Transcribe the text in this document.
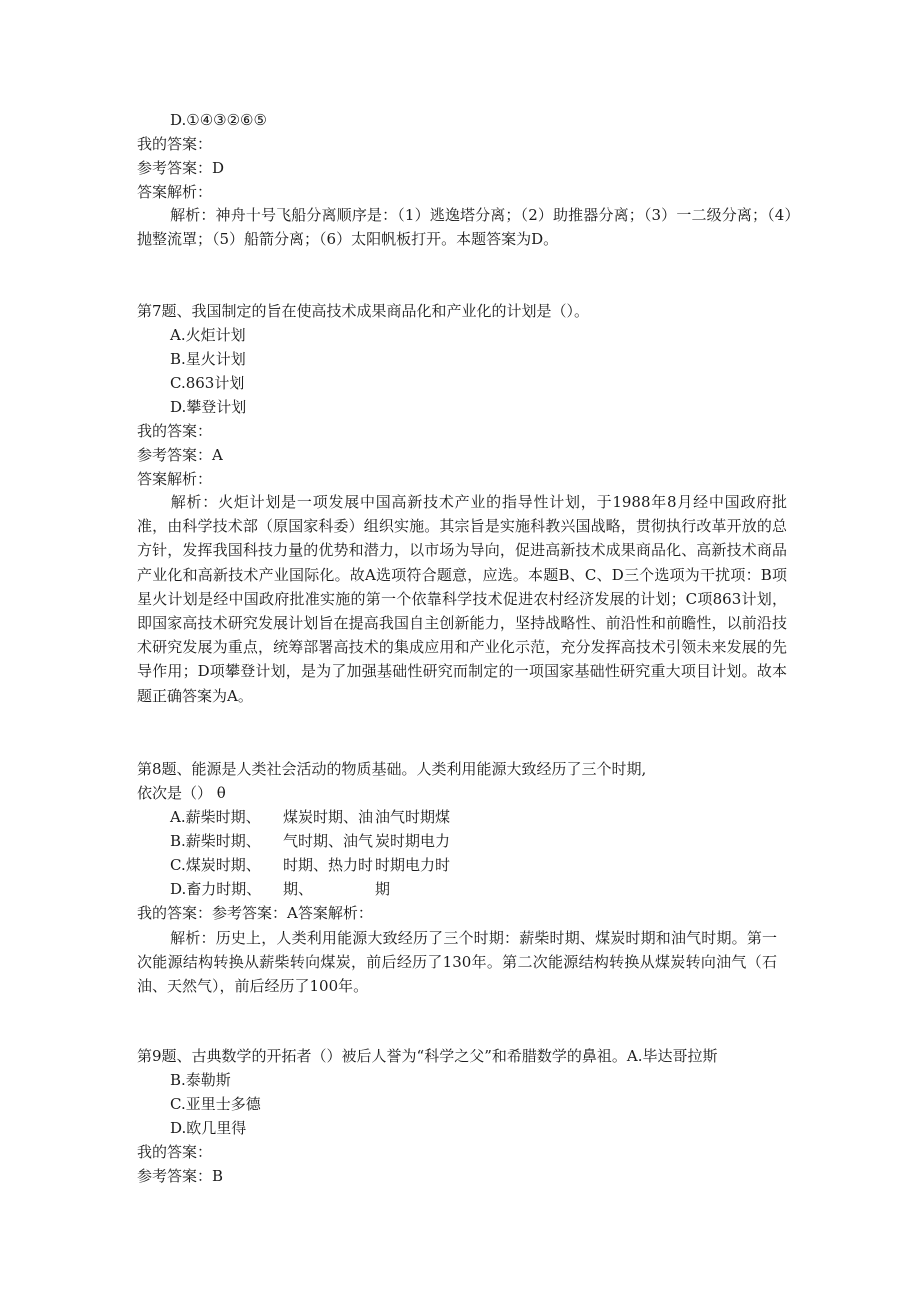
D.①④③②⑥⑤
我的答案：
参考答案：D
答案解析：
解析：神舟十号飞船分离顺序是：（1）逃逸塔分离；（2）助推器分离；（3）一二级分离；（4）抛整流罩；（5）船箭分离；（6）太阳帆板打开。本题答案为D。
第7题、我国制定的旨在使高技术成果商品化和产业化的计划是（）。
A.火炬计划
B.星火计划
C.863计划
D.攀登计划
我的答案：
参考答案：A
答案解析：
解析：火炬计划是一项发展中国高新技术产业的指导性计划，于1988年8月经中国政府批准，由科学技术部（原国家科委）组织实施。其宗旨是实施科教兴国战略，贯彻执行改革开放的总方针，发挥我国科技力量的优势和潜力，以市场为导向，促进高新技术成果商品化、高新技术商品产业化和高新技术产业国际化。故A选项符合题意，应选。本题B、C、D三个选项为干扰项：B项星火计划是经中国政府批准实施的第一个依靠科学技术促进农村经济发展的计划；C项863计划，即国家高技术研究发展计划旨在提高我国自主创新能力，坚持战略性、前沿性和前瞻性，以前沿技术研究发展为重点，统筹部署高技术的集成应用和产业化示范，充分发挥高技术引领未来发展的先导作用；D项攀登计划，是为了加强基础性研究而制定的一项国家基础性研究重大项目计划。故本题正确答案为A。
第8题、能源是人类社会活动的物质基础。人类利用能源大致经历了三个时期,
依次是（） θ
A.薪柴时期、 煤炭时期、油 油气时期煤
B.薪柴时期、 气时期、油气 炭时期电力
C.煤炭时期、 时期、热力时 时期电力时
D.畜力时期、 期、	期
我的答案：参考答案：A答案解析：
解析：历史上，人类利用能源大致经历了三个时期：薪柴时期、煤炭时期和油气时期。第一次能源结构转换从薪柴转向煤炭，前后经历了130年。第二次能源结构转换从煤炭转向油气（石油、天然气），前后经历了100年。
第9题、古典数学的开拓者（）被后人誉为“科学之父”和希腊数学的鼻祖。A.毕达哥拉斯
B.泰勒斯
C.亚里士多德
D.欧几里得
我的答案：
参考答案：B
